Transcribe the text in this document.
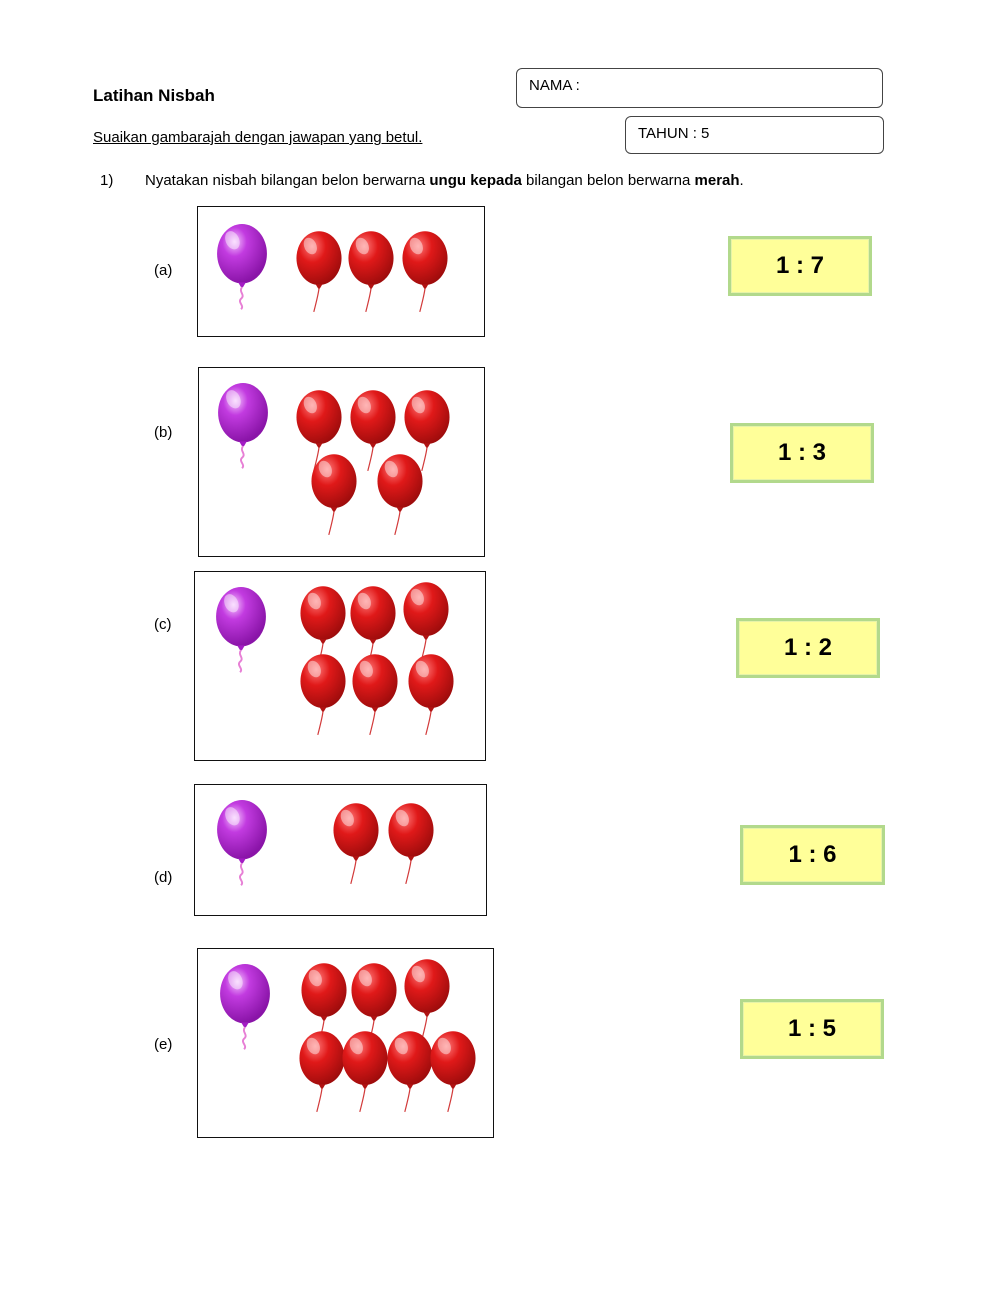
Latihan Nisbah
Suaikan gambarajah dengan jawapan yang betul.
NAMA :
TAHUN : 5
1) Nyatakan nisbah bilangan belon berwarna ungu kepada bilangan belon berwarna merah.
(a)
(b)
(c)
(d)
(e)
1 : 7
1 : 3
1 : 2
1 : 6
1 : 5
